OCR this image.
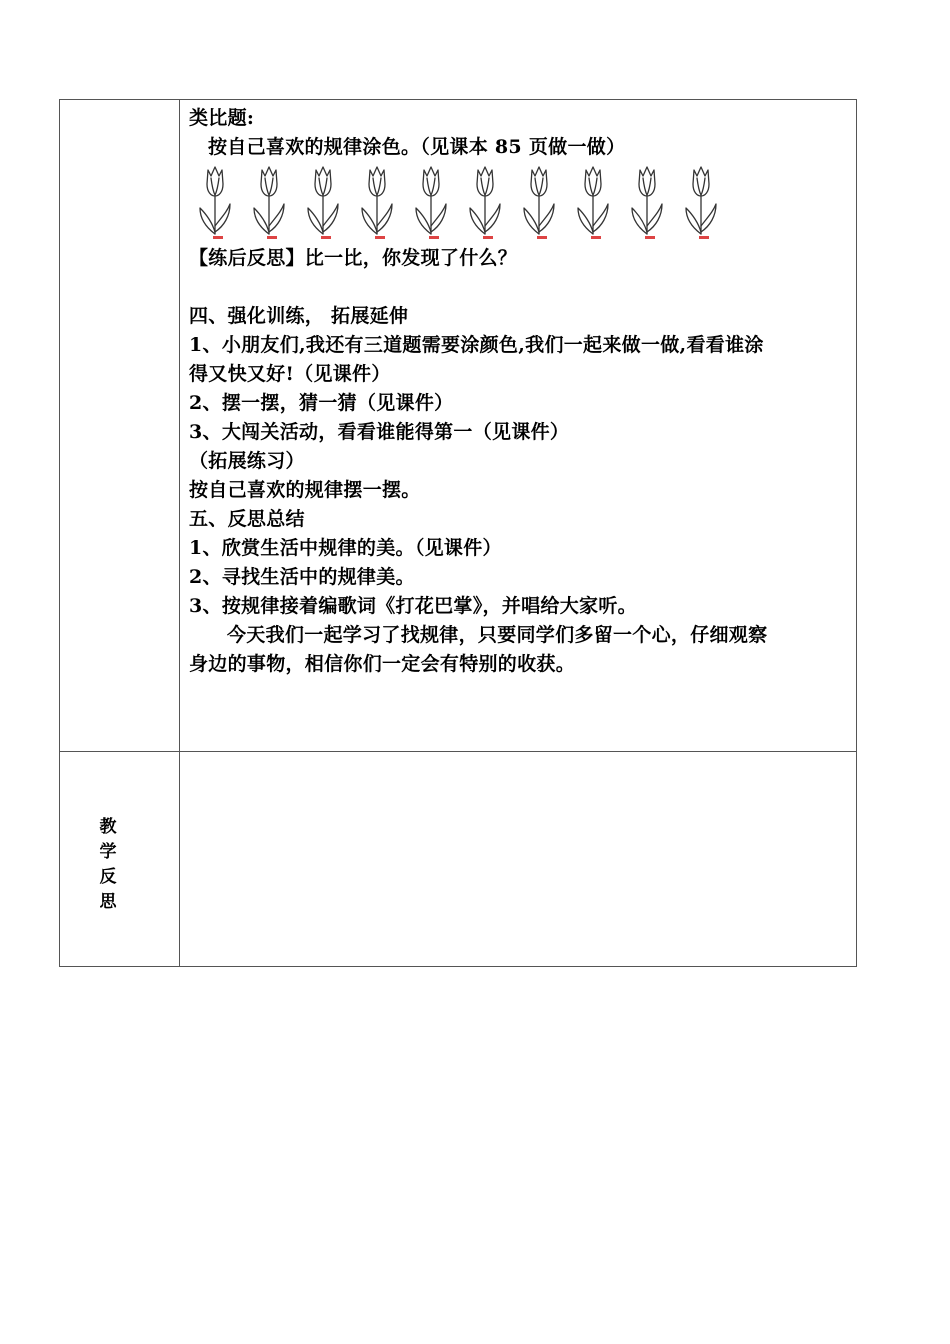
类比题:

按自己喜欢的规律涂色。（见课本 85 页做一做）

【练后反思】比一比，你发现了什么？

四、强化训练， 拓展延伸

1、小朋友们,我还有三道题需要涂颜色,我们一起来做一做,看看谁涂

得又快又好!（见课件）

2、摆一摆，猜一猜（见课件）

3、大闯关活动，看看谁能得第一（见课件）

（拓展练习）

按自己喜欢的规律摆一摆。

五、反思总结

1、欣赏生活中规律的美。（见课件）

2、寻找生活中的规律美。

3、按规律接着编歌词《打花巴掌》，并唱给大家听。

今天我们一起学习了找规律，只要同学们多留一个心，仔细观察

身边的事物，相信你们一定会有特别的收获。

教
学
反
思
